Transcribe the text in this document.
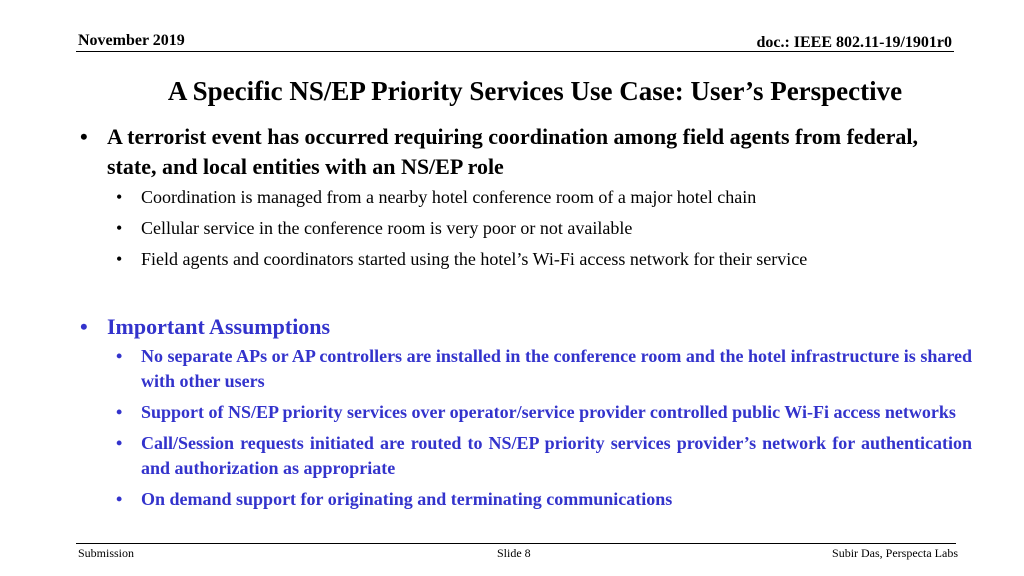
November 2019	doc.: IEEE 802.11-19/1901r0
A Specific NS/EP Priority Services Use Case: User’s Perspective
• A terrorist event has occurred requiring coordination among field agents from federal, state, and local entities with an NS/EP role
• Coordination is managed from a nearby hotel conference room of a major hotel chain
• Cellular service in the conference room is very poor or not available
• Field agents and coordinators started using the hotel’s Wi-Fi access network for their service
• Important Assumptions
• No separate APs or AP controllers are installed in the conference room and the hotel infrastructure is shared with other users
• Support of NS/EP priority services over operator/service provider controlled public Wi-Fi access networks
• Call/Session requests initiated are routed to NS/EP priority services provider’s network for authentication and authorization as appropriate
• On demand support for originating and terminating communications
Submission	Slide 8	Subir Das, Perspecta Labs
